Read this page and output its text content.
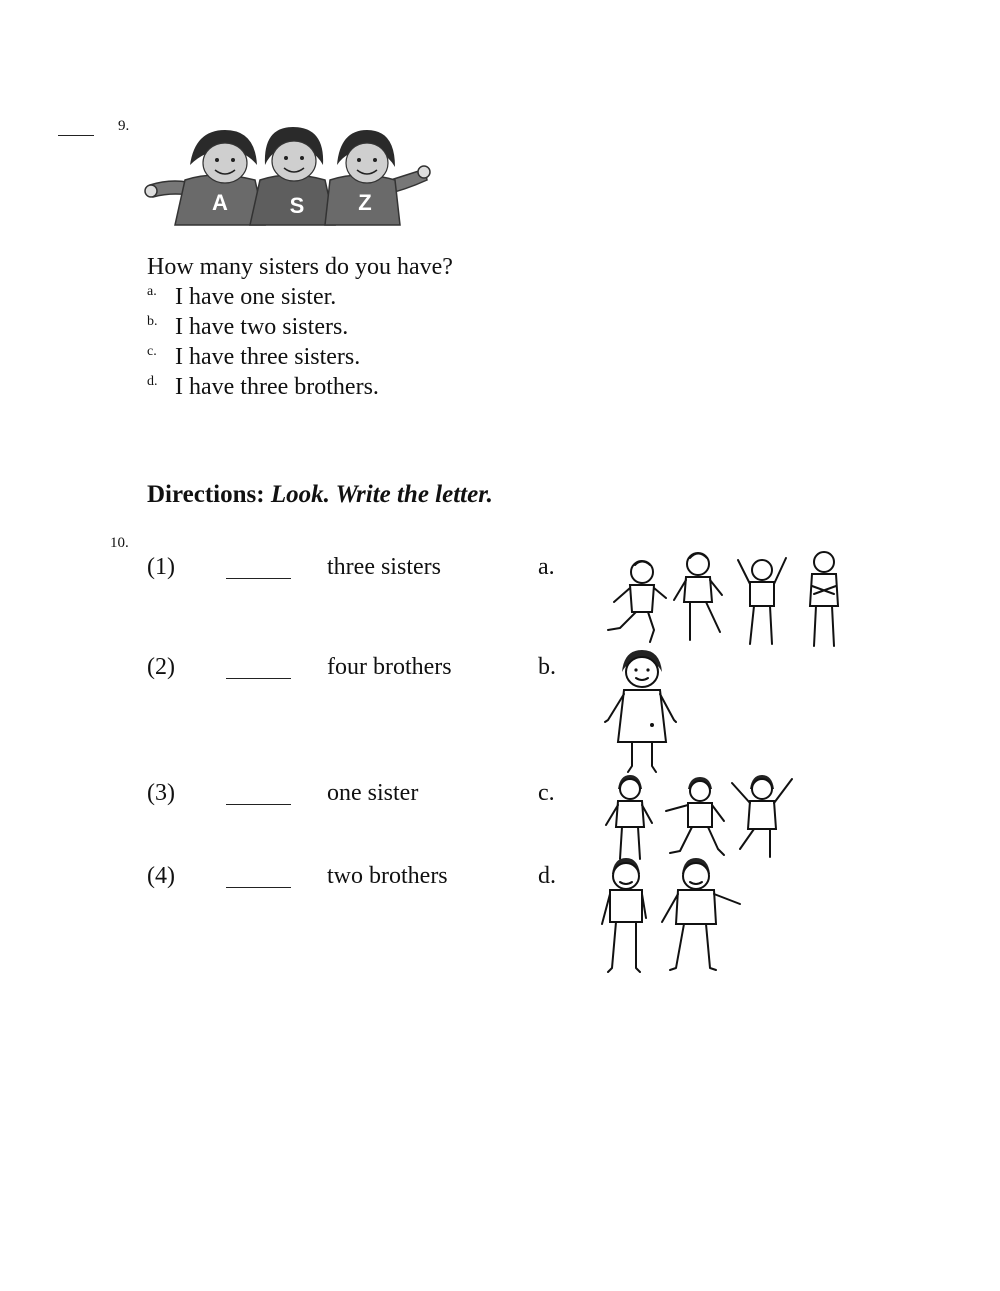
9.
A	S Z
How many sisters do you have?
a. I have one sister.
b. I have two sisters.
c. I have three sisters.
d. I have three brothers.
Directions: Look. Write the letter.
10.
(1)	three sisters	a.
(2)	four brothers	b.
(3)	one sister	c.
(4)	two brothers	d.
